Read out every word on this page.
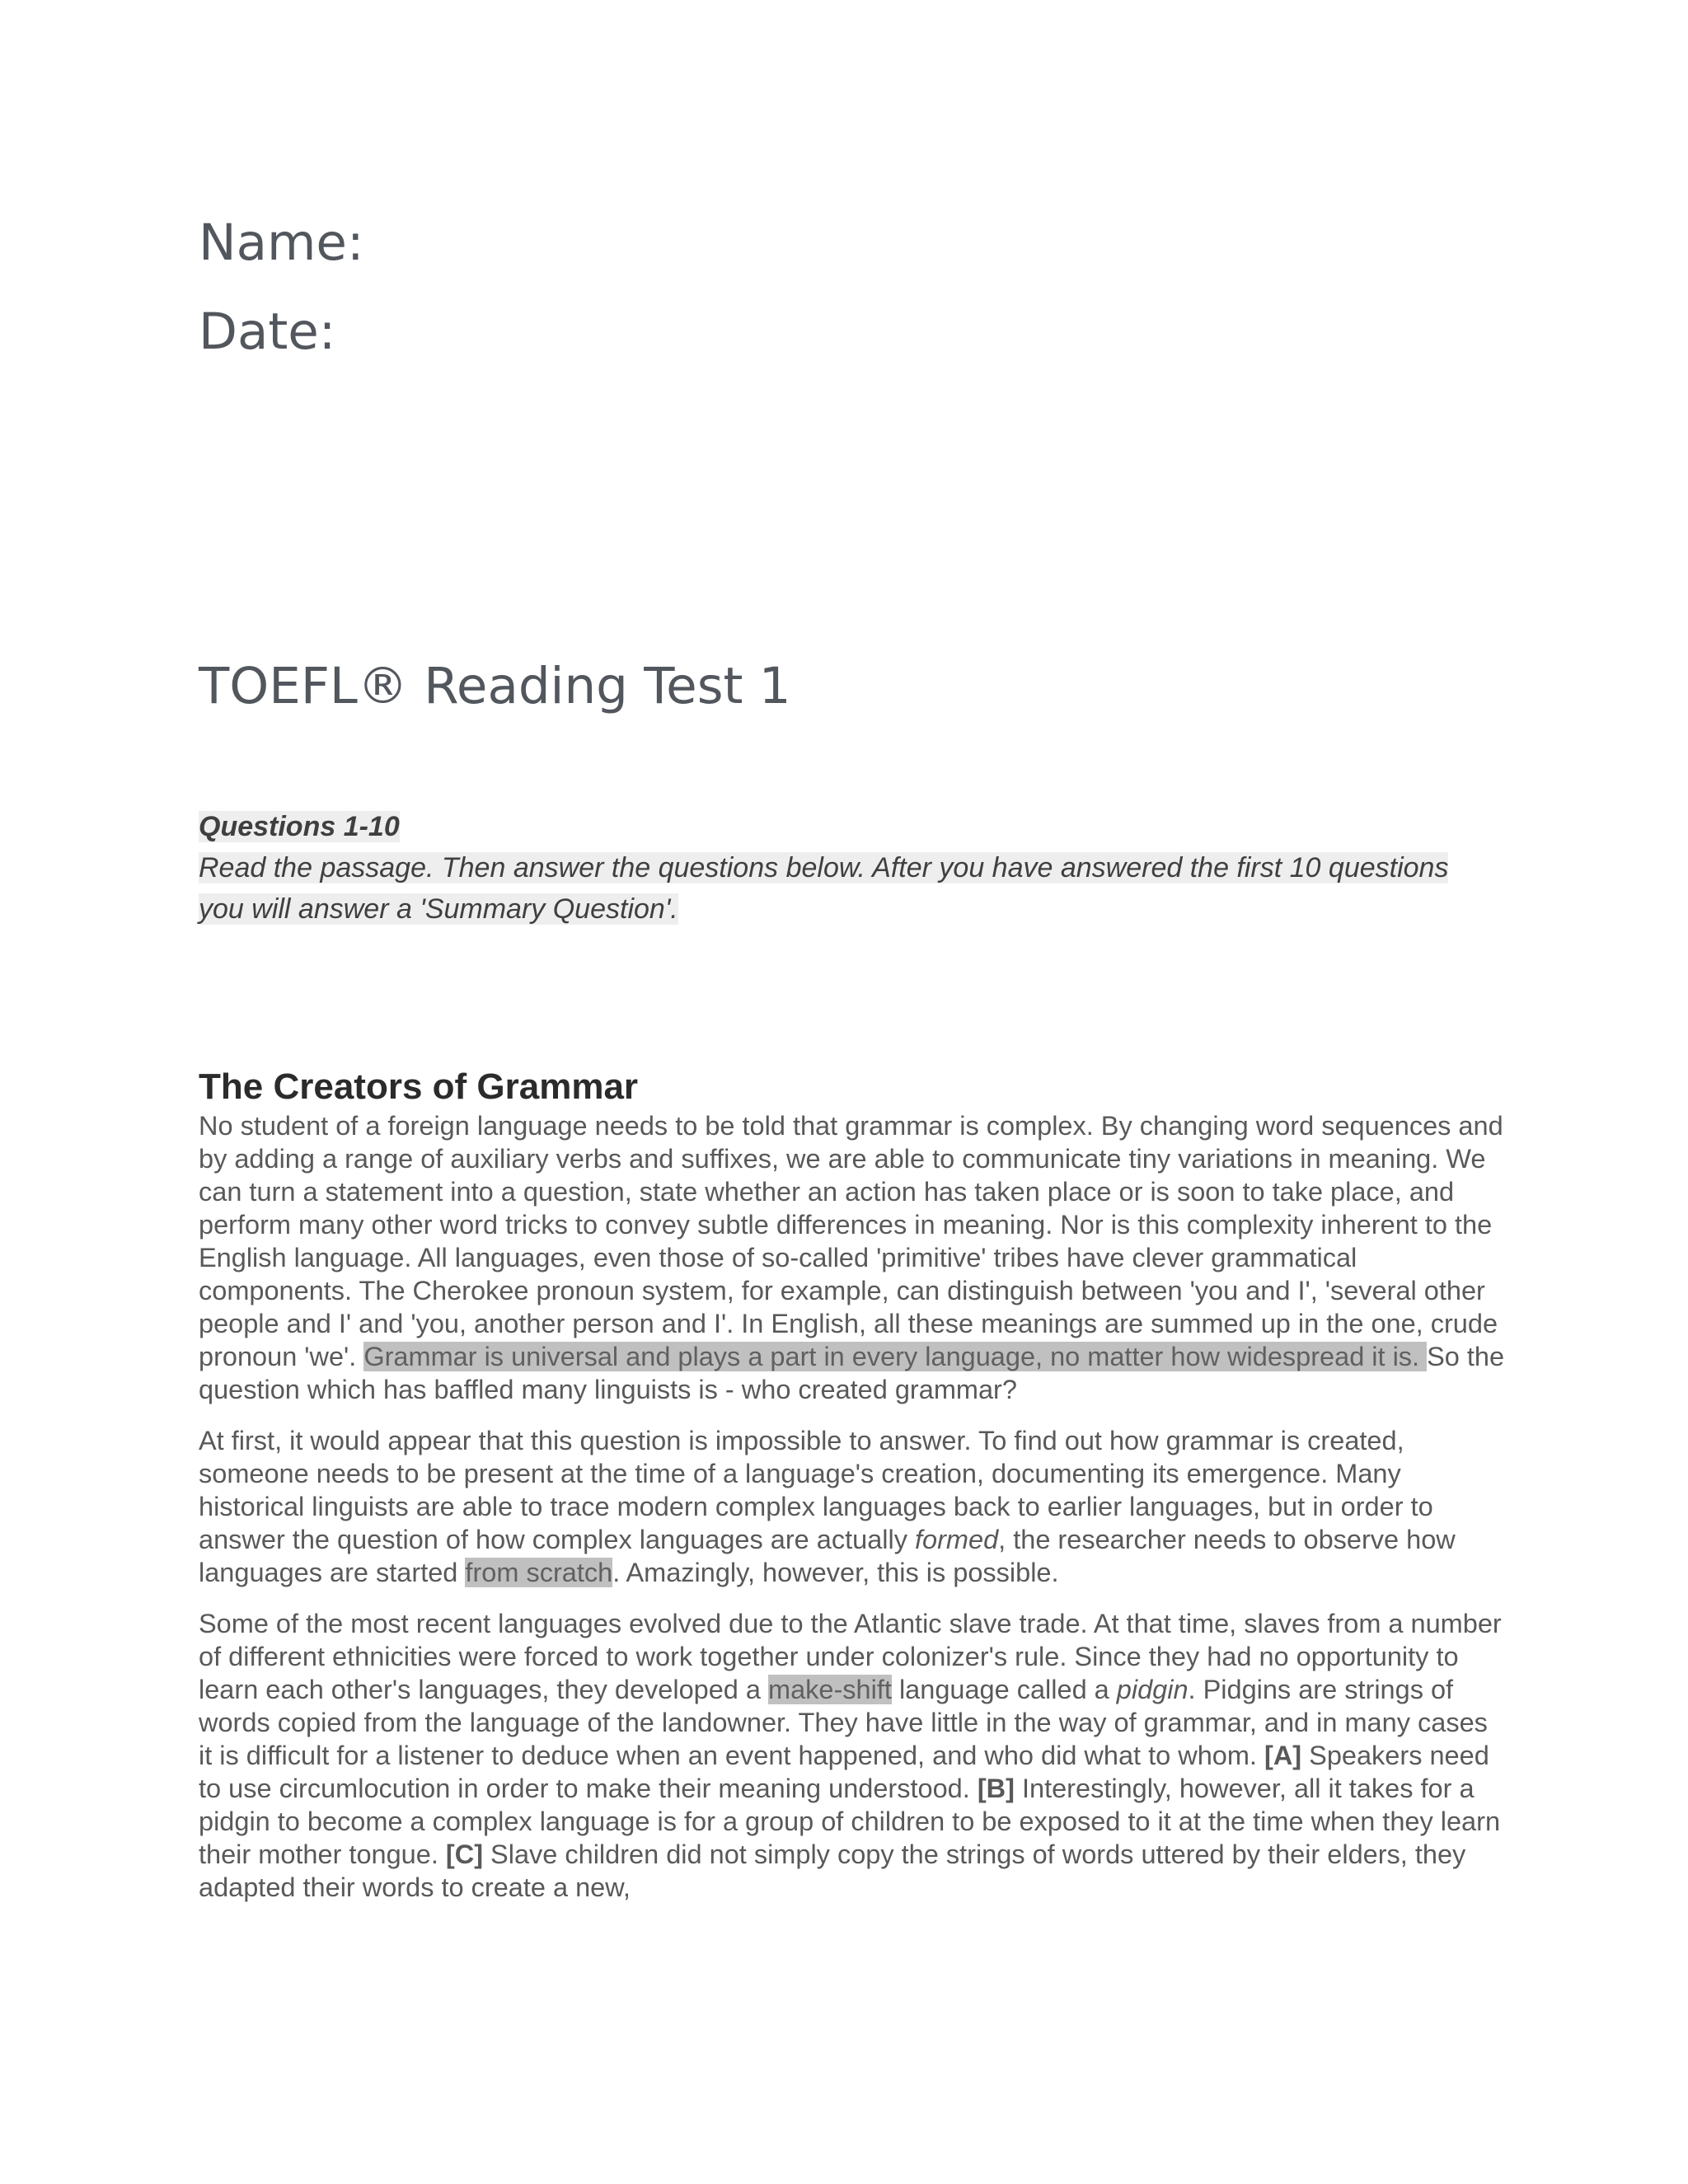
Name:
Date:
TOEFL® Reading Test 1
Questions 1-10
Read the passage. Then answer the questions below. After you have answered the first 10 questions you will answer a 'Summary Question'.
The Creators of Grammar

No student of a foreign language needs to be told that grammar is complex. By changing word sequences and by adding a range of auxiliary verbs and suffixes, we are able to communicate tiny variations in meaning. We can turn a statement into a question, state whether an action has taken place or is soon to take place, and perform many other word tricks to convey subtle differences in meaning. Nor is this complexity inherent to the English language. All languages, even those of so-called 'primitive' tribes have clever grammatical components. The Cherokee pronoun system, for example, can distinguish between 'you and I', 'several other people and I' and 'you, another person and I'. In English, all these meanings are summed up in the one, crude pronoun 'we'. Grammar is universal and plays a part in every language, no matter how widespread it is. So the question which has baffled many linguists is - who created grammar?

At first, it would appear that this question is impossible to answer. To find out how grammar is created, someone needs to be present at the time of a language's creation, documenting its emergence. Many historical linguists are able to trace modern complex languages back to earlier languages, but in order to answer the question of how complex languages are actually formed, the researcher needs to observe how languages are started from scratch. Amazingly, however, this is possible.

Some of the most recent languages evolved due to the Atlantic slave trade. At that time, slaves from a number of different ethnicities were forced to work together under colonizer's rule. Since they had no opportunity to learn each other's languages, they developed a make-shift language called a pidgin. Pidgins are strings of words copied from the language of the landowner. They have little in the way of grammar, and in many cases it is difficult for a listener to deduce when an event happened, and who did what to whom. [A] Speakers need to use circumlocution in order to make their meaning understood. [B] Interestingly, however, all it takes for a pidgin to become a complex language is for a group of children to be exposed to it at the time when they learn their mother tongue. [C] Slave children did not simply copy the strings of words uttered by their elders, they adapted their words to create a new,
